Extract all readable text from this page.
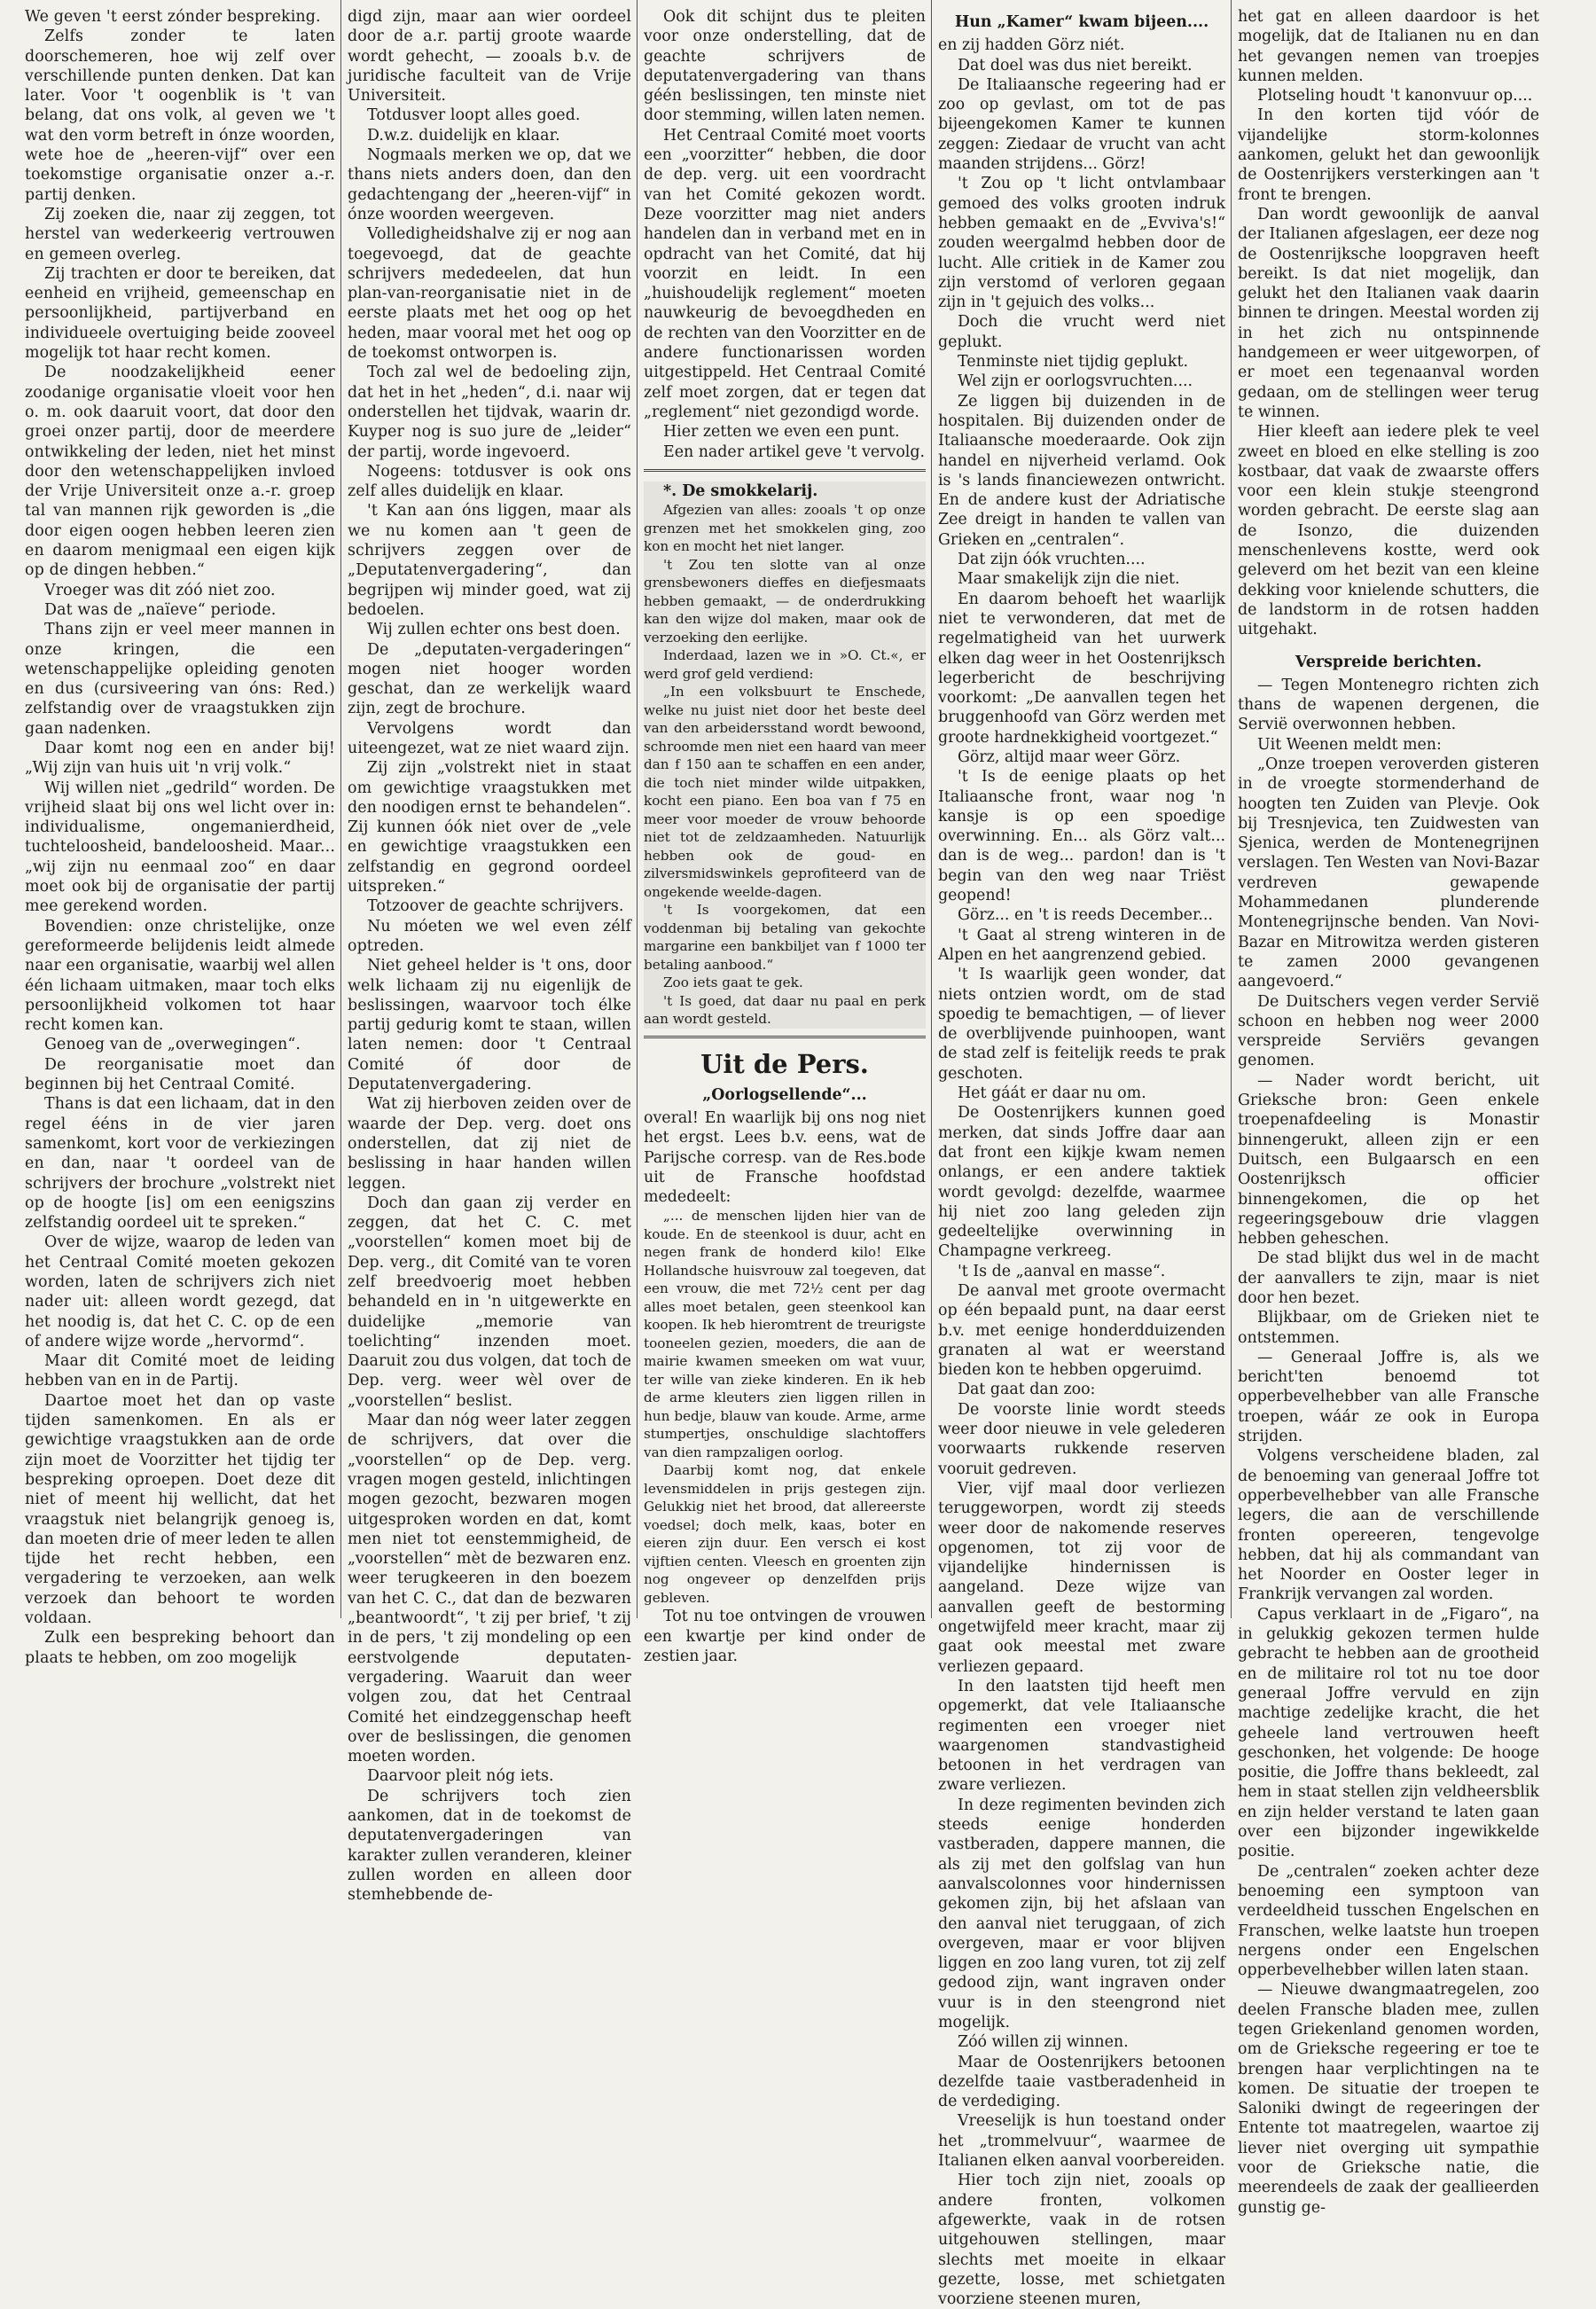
We geven 't eerst zónder bespreking.

Zelfs zonder te laten doorschemeren, hoe wij zelf over verschillende punten denken. Dat kan later. Voor 't oogenblik is 't van belang, dat ons volk, al geven we 't wat den vorm betreft in ónze woorden, wete hoe de „heeren-vijf“ over een toekomstige organisatie onzer a.-r. partij denken.

Zij zoeken die, naar zij zeggen, tot herstel van wederkeerig vertrouwen en gemeen overleg.

Zij trachten er door te bereiken, dat eenheid en vrijheid, gemeenschap en persoonlijkheid, partijverband en individueele overtuiging beide zooveel mogelijk tot haar recht komen.

De noodzakelijkheid eener zoodanige organisatie vloeit voor hen o. m. ook daaruit voort, dat door den groei onzer partij, door de meerdere ontwikkeling der leden, niet het minst door den wetenschappelijken invloed der Vrije Universiteit onze a.-r. groep tal van mannen rijk geworden is „die door eigen oogen hebben leeren zien en daarom menigmaal een eigen kijk op de dingen hebben.“

Vroeger was dit zóó niet zoo.

Dat was de „naïeve“ periode.

Thans zijn er veel meer mannen in onze kringen, die een wetenschappelijke opleiding genoten en dus (cursiveering van óns: Red.) zelfstandig over de vraagstukken zijn gaan nadenken.

Daar komt nog een en ander bij! „Wij zijn van huis uit 'n vrij volk.“

Wij willen niet „gedrild“ worden. De vrijheid slaat bij ons wel licht over in: individualisme, ongemanierdheid, tuchteloosheid, bandeloosheid. Maar... „wij zijn nu eenmaal zoo“ en daar moet ook bij de organisatie der partij mee gerekend worden.

Bovendien: onze christelijke, onze gereformeerde belijdenis leidt almede naar een organisatie, waarbij wel allen één lichaam uitmaken, maar toch elks persoonlijkheid volkomen tot haar recht komen kan.

Genoeg van de „overwegingen“.

De reorganisatie moet dan beginnen bij het Centraal Comité.

Thans is dat een lichaam, dat in den regel ééns in de vier jaren samenkomt, kort voor de verkiezingen en dan, naar 't oordeel van de schrijvers der brochure „volstrekt niet op de hoogte [is] om een eenigszins zelfstandig oordeel uit te spreken.“

Over de wijze, waarop de leden van het Centraal Comité moeten gekozen worden, laten de schrijvers zich niet nader uit: alleen wordt gezegd, dat het noodig is, dat het C. C. op de een of andere wijze worde „hervormd“.

Maar dit Comité moet de leiding hebben van en in de Partij.

Daartoe moet het dan op vaste tijden samenkomen. En als er gewichtige vraagstukken aan de orde zijn moet de Voorzitter het tijdig ter bespreking oproepen. Doet deze dit niet of meent hij wellicht, dat het vraagstuk niet belangrijk genoeg is, dan moeten drie of meer leden te allen tijde het recht hebben, een vergadering te verzoeken, aan welk verzoek dan behoort te worden voldaan.

Zulk een bespreking behoort dan plaats te hebben, om zoo mogelijk

digd zijn, maar aan wier oordeel door de a.r. partij groote waarde wordt gehecht, — zooals b.v. de juridische faculteit van de Vrije Universiteit.

Totdusver loopt alles goed.

D.w.z. duidelijk en klaar.

Nogmaals merken we op, dat we thans niets anders doen, dan den gedachtengang der „heeren-vijf“ in ónze woorden weergeven.

Volledigheidshalve zij er nog aan toegevoegd, dat de geachte schrijvers mededeelen, dat hun plan-van-reorganisatie niet in de eerste plaats met het oog op het heden, maar vooral met het oog op de toekomst ontworpen is.

Toch zal wel de bedoeling zijn, dat het in het „heden“, d.i. naar wij onderstellen het tijdvak, waarin dr. Kuyper nog is suo jure de „leider“ der partij, worde ingevoerd.

Nogeens: totdusver is ook ons zelf alles duidelijk en klaar.

't Kan aan óns liggen, maar als we nu komen aan 't geen de schrijvers zeggen over de „Deputatenvergadering“, dan begrijpen wij minder goed, wat zij bedoelen.

Wij zullen echter ons best doen.

De „deputaten-vergaderingen“ mogen niet hooger worden geschat, dan ze werkelijk waard zijn, zegt de brochure.

Vervolgens wordt dan uiteengezet, wat ze niet waard zijn.

Zij zijn „volstrekt niet in staat om gewichtige vraagstukken met den noodigen ernst te behandelen“. Zij kunnen óók niet over de „vele en gewichtige vraagstukken een zelfstandig en gegrond oordeel uitspreken.“

Totzoover de geachte schrijvers.

Nu móeten we wel even zélf optreden.

Niet geheel helder is 't ons, door welk lichaam zij nu eigenlijk de beslissingen, waarvoor toch élke partij gedurig komt te staan, willen laten nemen: door 't Centraal Comité óf door de Deputatenvergadering.

Wat zij hierboven zeiden over de waarde der Dep. verg. doet ons onderstellen, dat zij niet de beslissing in haar handen willen leggen.

Doch dan gaan zij verder en zeggen, dat het C. C. met „voorstellen“ komen moet bij de Dep. verg., dit Comité van te voren zelf breedvoerig moet hebben behandeld en in 'n uitgewerkte en duidelijke „memorie van toelichting“ inzenden moet. Daaruit zou dus volgen, dat toch de Dep. verg. weer wèl over de „voorstellen“ beslist.

Maar dan nóg weer later zeggen de schrijvers, dat over die „voorstellen“ op de Dep. verg. vragen mogen gesteld, inlichtingen mogen gezocht, bezwaren mogen uitgesproken worden en dat, komt men niet tot eenstemmigheid, de „voorstellen“ mèt de bezwaren enz. weer terugkeeren in den boezem van het C. C., dat dan de bezwaren „beantwoordt“, 't zij per brief, 't zij in de pers, 't zij mondeling op een eerstvolgende deputaten-vergadering. Waaruit dan weer volgen zou, dat het Centraal Comité het eindzeggenschap heeft over de beslissingen, die genomen moeten worden.

Daarvoor pleit nóg iets.

De schrijvers toch zien aankomen, dat in de toekomst de deputatenvergaderingen van karakter zullen veranderen, kleiner zullen worden en alleen door stemhebbende de-

Ook dit schijnt dus te pleiten voor onze onderstelling, dat de geachte schrijvers de deputatenvergadering van thans géén beslissingen, ten minste niet door stemming, willen laten nemen.

Het Centraal Comité moet voorts een „voorzitter“ hebben, die door de dep. verg. uit een voordracht van het Comité gekozen wordt. Deze voorzitter mag niet anders handelen dan in verband met en in opdracht van het Comité, dat hij voorzit en leidt. In een „huishoudelijk reglement“ moeten nauwkeurig de bevoegdheden en de rechten van den Voorzitter en de andere functionarissen worden uitgestippeld. Het Centraal Comité zelf moet zorgen, dat er tegen dat „reglement“ niet gezondigd worde.

Hier zetten we even een punt.

Een nader artikel geve 't vervolg.

*. De smokkelarij.

Afgezien van alles: zooals 't op onze grenzen met het smokkelen ging, zoo kon en mocht het niet langer.

't Zou ten slotte van al onze grensbewoners dieffes en diefjesmaats hebben gemaakt, — de onderdrukking kan den wijze dol maken, maar ook de verzoeking den eerlijke.

Inderdaad, lazen we in »O. Ct.«, er werd grof geld verdiend:

„In een volksbuurt te Enschede, welke nu juist niet door het beste deel van den arbeidersstand wordt bewoond, schroomde men niet een haard van meer dan f 150 aan te schaffen en een ander, die toch niet minder wilde uitpakken, kocht een piano. Een boa van f 75 en meer voor moeder de vrouw behoorde niet tot de zeldzaamheden. Natuurlijk hebben ook de goud- en zilversmidswinkels geprofiteerd van de ongekende weelde-dagen.

't Is voorgekomen, dat een voddenman bij betaling van gekochte margarine een bankbiljet van f 1000 ter betaling aanbood.“

Zoo iets gaat te gek.

't Is goed, dat daar nu paal en perk aan wordt gesteld.

Uit de Pers.
„Oorlogsellende“...

overal! En waarlijk bij ons nog niet het ergst. Lees b.v. eens, wat de Parijsche corresp. van de Res.bode uit de Fransche hoofdstad mededeelt:

„... de menschen lijden hier van de koude. En de steenkool is duur, acht en negen frank de honderd kilo! Elke Hollandsche huisvrouw zal toegeven, dat een vrouw, die met 72½ cent per dag alles moet betalen, geen steenkool kan koopen. Ik heb hieromtrent de treurigste tooneelen gezien, moeders, die aan de mairie kwamen smeeken om wat vuur, ter wille van zieke kinderen. En ik heb de arme kleuters zien liggen rillen in hun bedje, blauw van koude. Arme, arme stumpertjes, onschuldige slachtoffers van dien rampzaligen oorlog.

Daarbij komt nog, dat enkele levensmiddelen in prijs gestegen zijn. Gelukkig niet het brood, dat allereerste voedsel; doch melk, kaas, boter en eieren zijn duur. Een versch ei kost vijftien centen. Vleesch en groenten zijn nog ongeveer op denzelfden prijs gebleven.

Tot nu toe ontvingen de vrouwen een kwartje per kind onder de zestien jaar.

Hun „Kamer“ kwam bijeen....

en zij hadden Görz niét.

Dat doel was dus niet bereikt.

De Italiaansche regeering had er zoo op gevlast, om tot de pas bijeengekomen Kamer te kunnen zeggen: Ziedaar de vrucht van acht maanden strijdens... Görz!

't Zou op 't licht ontvlambaar gemoed des volks grooten indruk hebben gemaakt en de „Evviva's!“ zouden weergalmd hebben door de lucht. Alle critiek in de Kamer zou zijn verstomd of verloren gegaan zijn in 't gejuich des volks...

Doch die vrucht werd niet geplukt.

Tenminste niet tijdig geplukt.

Wel zijn er oorlogsvruchten....

Ze liggen bij duizenden in de hospitalen. Bij duizenden onder de Italiaansche moederaarde. Ook zijn handel en nijverheid verlamd. Ook is 's lands financiewezen ontwricht. En de andere kust der Adriatische Zee dreigt in handen te vallen van Grieken en „centralen“.

Dat zijn óók vruchten....

Maar smakelijk zijn die niet.

En daarom behoeft het waarlijk niet te verwonderen, dat met de regelmatigheid van het uurwerk elken dag weer in het Oostenrijksch legerbericht de beschrijving voorkomt: „De aanvallen tegen het bruggenhoofd van Görz werden met groote hardnekkigheid voortgezet.“

Görz, altijd maar weer Görz.

't Is de eenige plaats op het Italiaansche front, waar nog 'n kansje is op een spoedige overwinning. En... als Görz valt... dan is de weg... pardon! dan is 't begin van den weg naar Triëst geopend!

Görz... en 't is reeds December...

't Gaat al streng winteren in de Alpen en het aangrenzend gebied.

't Is waarlijk geen wonder, dat niets ontzien wordt, om de stad spoedig te bemachtigen, — of liever de overblijvende puinhoopen, want de stad zelf is feitelijk reeds te prak geschoten.

Het gáát er daar nu om.

De Oostenrijkers kunnen goed merken, dat sinds Joffre daar aan dat front een kijkje kwam nemen onlangs, er een andere taktiek wordt gevolgd: dezelfde, waarmee hij niet zoo lang geleden zijn gedeeltelijke overwinning in Champagne verkreeg.

't Is de „aanval en masse“.

De aanval met groote overmacht op één bepaald punt, na daar eerst b.v. met eenige honderdduizenden granaten al wat er weerstand bieden kon te hebben opgeruimd.

Dat gaat dan zoo:

De voorste linie wordt steeds weer door nieuwe in vele gelederen voorwaarts rukkende reserven vooruit gedreven.

Vier, vijf maal door verliezen teruggeworpen, wordt zij steeds weer door de nakomende reserves opgenomen, tot zij voor de vijandelijke hindernissen is aangeland. Deze wijze van aanvallen geeft de bestorming ongetwijfeld meer kracht, maar zij gaat ook meestal met zware verliezen gepaard.

In den laatsten tijd heeft men opgemerkt, dat vele Italiaansche regimenten een vroeger niet waargenomen standvastigheid betoonen in het verdragen van zware verliezen.

In deze regimenten bevinden zich steeds eenige honderden vastberaden, dappere mannen, die als zij met den golfslag van hun aanvalscolonnes voor hindernissen gekomen zijn, bij het afslaan van den aanval niet teruggaan, of zich overgeven, maar er voor blijven liggen en zoo lang vuren, tot zij zelf gedood zijn, want ingraven onder vuur is in den steengrond niet mogelijk.

Zóó willen zij winnen.

Maar de Oostenrijkers betoonen dezelfde taaie vastberadenheid in de verdediging.

Vreeselijk is hun toestand onder het „trommelvuur“, waarmee de Italianen elken aanval voorbereiden.

Hier toch zijn niet, zooals op andere fronten, volkomen afgewerkte, vaak in de rotsen uitgehouwen stellingen, maar slechts met moeite in elkaar gezette, losse, met schietgaten voorziene steenen muren,

het gat en alleen daardoor is het mogelijk, dat de Italianen nu en dan het gevangen nemen van troepjes kunnen melden.

Plotseling houdt 't kanonvuur op....

In den korten tijd vóór de vijandelijke storm-kolonnes aankomen, gelukt het dan gewoonlijk de Oostenrijkers versterkingen aan 't front te brengen.

Dan wordt gewoonlijk de aanval der Italianen afgeslagen, eer deze nog de Oostenrijksche loopgraven heeft bereikt. Is dat niet mogelijk, dan gelukt het den Italianen vaak daarin binnen te dringen. Meestal worden zij in het zich nu ontspinnende handgemeen er weer uitgeworpen, of er moet een tegenaanval worden gedaan, om de stellingen weer terug te winnen.

Hier kleeft aan iedere plek te veel zweet en bloed en elke stelling is zoo kostbaar, dat vaak de zwaarste offers voor een klein stukje steengrond worden gebracht. De eerste slag aan de Isonzo, die duizenden menschenlevens kostte, werd ook geleverd om het bezit van een kleine dekking voor knielende schutters, die de landstorm in de rotsen hadden uitgehakt.

Verspreide berichten.

— Tegen Montenegro richten zich thans de wapenen dergenen, die Servië overwonnen hebben.

Uit Weenen meldt men:

„Onze troepen veroverden gisteren in de vroegte stormenderhand de hoogten ten Zuiden van Plevje. Ook bij Tresnjevica, ten Zuidwesten van Sjenica, werden de Montenegrijnen verslagen. Ten Westen van Novi-Bazar verdreven gewapende Mohammedanen plunderende Montenegrijnsche benden. Van Novi-Bazar en Mitrowitza werden gisteren te zamen 2000 gevangenen aangevoerd.“

De Duitschers vegen verder Servië schoon en hebben nog weer 2000 verspreide Serviërs gevangen genomen.

— Nader wordt bericht, uit Grieksche bron: Geen enkele troepenafdeeling is Monastir binnengerukt, alleen zijn er een Duitsch, een Bulgaarsch en een Oostenrijksch officier binnengekomen, die op het regeeringsgebouw drie vlaggen hebben geheschen.

De stad blijkt dus wel in de macht der aanvallers te zijn, maar is niet door hen bezet.

Blijkbaar, om de Grieken niet te ontstemmen.

— Generaal Joffre is, als we bericht'ten benoemd tot opperbevelhebber van alle Fransche troepen, wáár ze ook in Europa strijden.

Volgens verscheidene bladen, zal de benoeming van generaal Joffre tot opperbevelhebber van alle Fransche legers, die aan de verschillende fronten opereeren, tengevolge hebben, dat hij als commandant van het Noorder en Ooster leger in Frankrijk vervangen zal worden.

Capus verklaart in de „Figaro“, na in gelukkig gekozen termen hulde gebracht te hebben aan de grootheid en de militaire rol tot nu toe door generaal Joffre vervuld en zijn machtige zedelijke kracht, die het geheele land vertrouwen heeft geschonken, het volgende: De hooge positie, die Joffre thans bekleedt, zal hem in staat stellen zijn veldheersblik en zijn helder verstand te laten gaan over een bijzonder ingewikkelde positie.

De „centralen“ zoeken achter deze benoeming een symptoon van verdeeldheid tusschen Engelschen en Franschen, welke laatste hun troepen nergens onder een Engelschen opperbevelhebber willen laten staan.

— Nieuwe dwangmaatregelen, zoo deelen Fransche bladen mee, zullen tegen Griekenland genomen worden, om de Grieksche regeering er toe te brengen haar verplichtingen na te komen. De situatie der troepen te Saloniki dwingt de regeeringen der Entente tot maatregelen, waartoe zij liever niet overging uit sympathie voor de Grieksche natie, die meerendeels de zaak der geallieerden gunstig ge-
